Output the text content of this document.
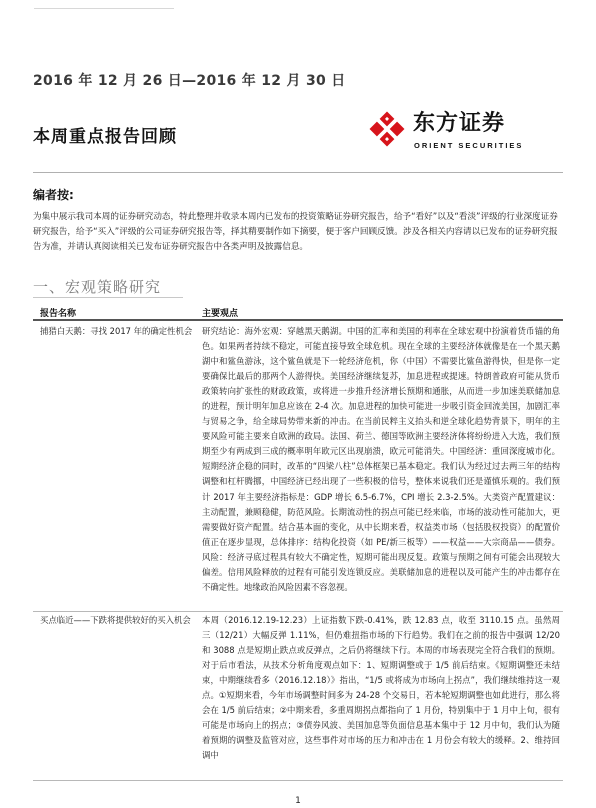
2016 年 12 月 26 日—2016 年 12 月 30 日
本周重点报告回顾
东方证券
ORIENT SECURITIES
编者按:
为集中展示我司本周的证券研究动态，特此整理并收录本周内已发布的投资策略证券研究报告，给予“看好”以及“看淡”评级的行业深度证券研究报告，给予“买入”评级的公司证券研究报告等，择其精要制作如下摘要，便于客户回顾反馈。涉及各相关内容请以已发布的证券研究报告为准，并请认真阅读相关已发布证券研究报告中各类声明及披露信息。
一、宏观策略研究
报告名称	主要观点
捕猎白天鹅：寻找 2017 年的确定性机会	研究结论：海外宏观：穿越黑天鹅湖。中国的汇率和美国的利率在全球宏观中扮演着货币锚的角色。如果两者持续不稳定，可能直接导致全球危机。现在全球的主要经济体就像是在一个黑天鹅湖中和鲨鱼游泳，这个鲨鱼就是下一轮经济危机，你（中国）不需要比鲨鱼游得快，但是你一定要确保比最后的那两个人游得快。美国经济继续复苏，加息进程或提速。特朗普政府可能从货币政策转向扩张性的财政政策，或将进一步推升经济增长预期和通胀，从而进一步加速美联储加息的进程，预计明年加息应该在 2-4 次。加息进程的加快可能进一步吸引资金回流美国，加剧汇率与贸易之争，给全球局势带来新的冲击。在当前民粹主义抬头和逆全球化趋势背景下，明年的主要风险可能主要来自欧洲的政局。法国、荷兰、德国等欧洲主要经济体将纷纷进入大选，我们预期至少有两成到三成的概率明年欧元区出现崩溃，欧元可能消失。中国经济：重回深度城市化。短期经济企稳的同时，改革的“四梁八柱”总体框架已基本稳定。我们认为经过过去两三年的结构调整和杠杆腾挪，中国经济已经出现了一些积极的信号，整体来说我们还是谨慎乐观的。我们预计 2017 年主要经济指标是：GDP 增长 6.5-6.7%，CPI 增长 2.3-2.5%。大类资产配置建议：主动配置，兼顾稳健，防范风险。长期流动性的拐点可能已经来临，市场的波动性可能加大，更需要做好资产配置。结合基本面的变化，从中长期来看，权益类市场（包括股权投资）的配置价值正在逐步显现，总体排序：结构化投资（如 PE/新三板等）——权益——大宗商品——债券。风险：经济寻底过程具有较大不确定性，短期可能出现反复。政策与预期之间有可能会出现较大偏差。信用风险释放的过程有可能引发连锁反应。美联储加息的进程以及可能产生的冲击都存在不确定性。地缘政治风险因素不容忽视。
买点临近——下跌将提供较好的买入机会	本周（2016.12.19-12.23）上证指数下跌-0.41%，跌 12.83 点，收至 3110.15 点。虽然周三（12/21）大幅反弹 1.11%，但仍难扭指市场的下行趋势。我们在之前的报告中强调 12/20 和 3088 点是短期止跌点或反弹点，之后仍将继续下行。本周的市场表现完全符合我们的预期。对于后市看法，从技术分析角度观点如下：1、短期调整或于 1/5 前后结束。《短期调整还未结束，中期继续看多（2016.12.18）》指出，“1/5 或将成为市场向上拐点”，我们继续维持这一观点。①短期来看，今年市场调整时间多为 24-28 个交易日，若本轮短期调整也如此进行，那么将会在 1/5 前后结束；②中期来看，多重周期拐点都指向了 1 月份，特别集中于 1 月中上旬，很有可能是市场向上的拐点；③债券风波、美国加息等负面信息基本集中于 12 月中旬，我们认为随着预期的调整及监管对应，这些事件对市场的压力和冲击在 1 月份会有较大的缓释。2、维持回调中
1
